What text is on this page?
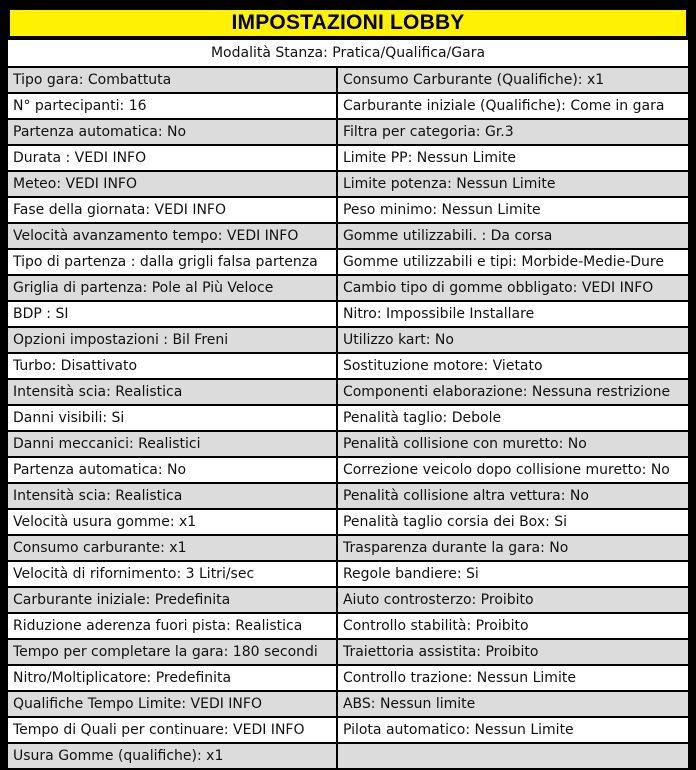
IMPOSTAZIONI LOBBY
Modalità Stanza: Pratica/Qualifica/Gara
Tipo gara: Combattuta	Consumo Carburante (Qualifiche): x1
N° partecipanti: 16	Carburante iniziale (Qualifiche): Come in gara
Partenza automatica: No	Filtra per categoria: Gr.3
Durata : VEDI INFO	Limite PP: Nessun Limite
Meteo: VEDI INFO	Limite potenza: Nessun Limite
Fase della giornata: VEDI INFO	Peso minimo: Nessun Limite
Velocità avanzamento tempo: VEDI INFO	Gomme utilizzabili. : Da corsa
Tipo di partenza : dalla grigli falsa partenza	Gomme utilizzabili e tipi: Morbide-Medie-Dure
Griglia di partenza: Pole al Più Veloce	Cambio tipo di gomme obbligato: VEDI INFO
BDP : SI	Nitro: Impossibile Installare
Opzioni impostazioni : Bil Freni	Utilizzo kart: No
Turbo: Disattivato	Sostituzione motore: Vietato
Intensità scia: Realistica	Componenti elaborazione: Nessuna restrizione
Danni visibili: Si	Penalità taglio: Debole
Danni meccanici: Realistici	Penalità collisione con muretto: No
Partenza automatica: No	Correzione veicolo dopo collisione muretto: No
Intensità scia: Realistica	Penalità collisione altra vettura: No
Velocità usura gomme: x1	Penalità taglio corsia dei Box: Si
Consumo carburante: x1	Trasparenza durante la gara: No
Velocità di rifornimento: 3 Litri/sec	Regole bandiere: Si
Carburante iniziale: Predefinita	Aiuto controsterzo: Proibito
Riduzione aderenza fuori pista: Realistica	Controllo stabilità: Proibito
Tempo per completare la gara: 180 secondi	Traiettoria assistita: Proibito
Nitro/Moltiplicatore: Predefinita	Controllo trazione: Nessun Limite
Qualifiche Tempo Limite: VEDI INFO	ABS: Nessun limite
Tempo di Quali per continuare: VEDI INFO	Pilota automatico: Nessun Limite
Usura Gomme (qualifiche): x1	
